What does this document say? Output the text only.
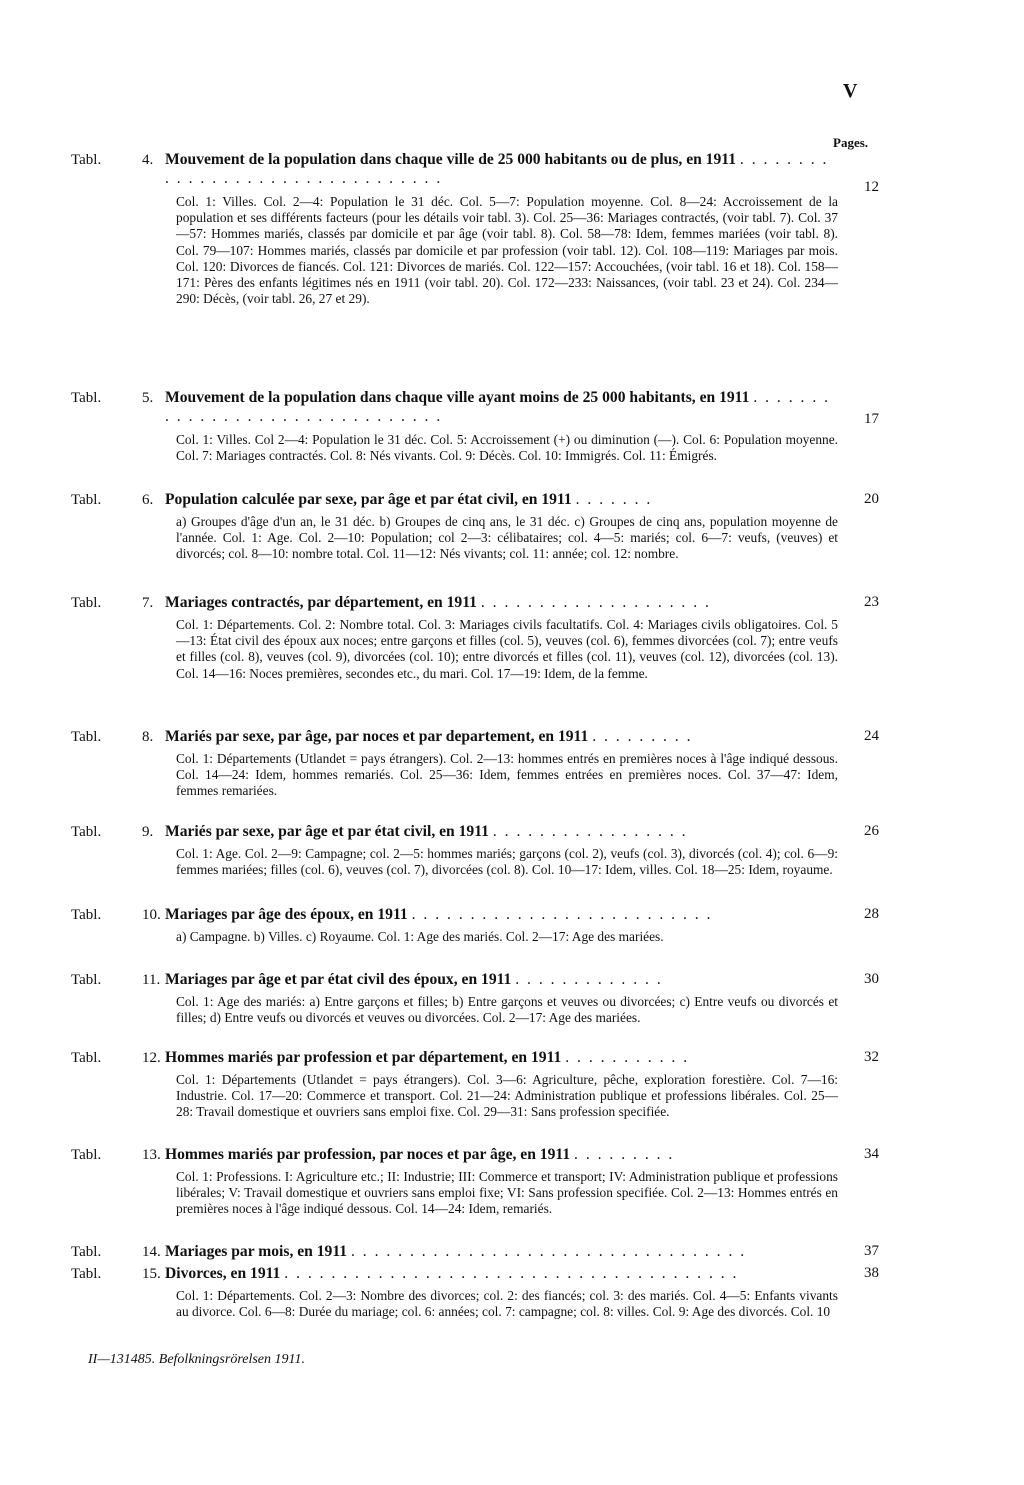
V
Pages.
Tabl.	4. Mouvement de la population dans chaque ville de 25 000 habitants ou de plus, en 1911 . . . . . . . . . . . . . . . . . . . . . . . . . . . . . . . .	12
Col. 1: Villes. Col. 2—4: Population le 31 déc. Col. 5—7: Population moyenne. Col. 8—24: Accroissement de la population et ses différents facteurs (pour les détails voir tabl. 3). Col. 25—36: Mariages contractés, (voir tabl. 7). Col. 37—57: Hommes mariés, classés par domicile et par âge (voir tabl. 8). Col. 58—78: Idem, femmes mariées (voir tabl. 8). Col. 79—107: Hommes mariés, classés par domicile et par profession (voir tabl. 12). Col. 108—119: Mariages par mois. Col. 120: Divorces de fiancés. Col. 121: Divorces de mariés. Col. 122—157: Accouchées, (voir tabl. 16 et 18). Col. 158—171: Pères des enfants légitimes nés en 1911 (voir tabl. 20). Col. 172—233: Naissances, (voir tabl. 23 et 24). Col. 234—290: Décès, (voir tabl. 26, 27 et 29).
Tabl.	5. Mouvement de la population dans chaque ville ayant moins de 25 000 habitants, en 1911 . . . . . . . . . . . . . . . . . . . . . . . . . . . . . . .	17
Col. 1: Villes. Col 2—4: Population le 31 déc. Col. 5: Accroissement (+) ou diminution (—). Col. 6: Population moyenne. Col. 7: Mariages contractés. Col. 8: Nés vivants. Col. 9: Décès. Col. 10: Immigrés. Col. 11: Émigrés.
Tabl.	6. Population calculée par sexe, par âge et par état civil, en 1911 . . . . . . .	20
a) Groupes d'âge d'un an, le 31 déc. b) Groupes de cinq ans, le 31 déc. c) Groupes de cinq ans, population moyenne de l'année. Col. 1: Age. Col. 2—10: Population; col 2—3: célibataires; col. 4—5: mariés; col. 6—7: veufs, (veuves) et divorcés; col. 8—10: nombre total. Col. 11—12: Nés vivants; col. 11: année; col. 12: nombre.
Tabl.	7. Mariages contractés, par département, en 1911 . . . . . . . . . . . . . . . . . . . .	23
Col. 1: Départements. Col. 2: Nombre total. Col. 3: Mariages civils facultatifs. Col. 4: Mariages civils obligatoires. Col. 5—13: État civil des époux aux noces; entre garçons et filles (col. 5), veuves (col. 6), femmes divorcées (col. 7); entre veufs et filles (col. 8), veuves (col. 9), divorcées (col. 10); entre divorcés et filles (col. 11), veuves (col. 12), divorcées (col. 13). Col. 14—16: Noces premières, secondes etc., du mari. Col. 17—19: Idem, de la femme.
Tabl.	8. Mariés par sexe, par âge, par noces et par departement, en 1911 . . . . . . . . .	24
Col. 1: Départements (Utlandet = pays étrangers). Col. 2—13: hommes entrés en premières noces à l'âge indiqué dessous. Col. 14—24: Idem, hommes remariés. Col. 25—36: Idem, femmes entrées en premières noces. Col. 37—47: Idem, femmes remariées.
Tabl.	9. Mariés par sexe, par âge et par état civil, en 1911 . . . . . . . . . . . . . . . . .	26
Col. 1: Age. Col. 2—9: Campagne; col. 2—5: hommes mariés; garçons (col. 2), veufs (col. 3), divorcés (col. 4); col. 6—9: femmes mariées; filles (col. 6), veuves (col. 7), divorcées (col. 8). Col. 10—17: Idem, villes. Col. 18—25: Idem, royaume.
Tabl.	10. Mariages par âge des époux, en 1911 . . . . . . . . . . . . . . . . . . . . . . . . . .	28
a) Campagne. b) Villes. c) Royaume. Col. 1: Age des mariés. Col. 2—17: Age des mariées.
Tabl.	11. Mariages par âge et par état civil des époux, en 1911 . . . . . . . . . . . . .	30
Col. 1: Age des mariés: a) Entre garçons et filles; b) Entre garçons et veuves ou divorcées; c) Entre veufs ou divorcés et filles; d) Entre veufs ou divorcés et veuves ou divorcées. Col. 2—17: Age des mariées.
Tabl.	12. Hommes mariés par profession et par département, en 1911 . . . . . . . . . . .	32
Col. 1: Départements (Utlandet = pays étrangers). Col. 3—6: Agriculture, pêche, exploration forestière. Col. 7—16: Industrie. Col. 17—20: Commerce et transport. Col. 21—24: Administration publique et professions libérales. Col. 25—28: Travail domestique et ouvriers sans emploi fixe. Col. 29—31: Sans profession specifiée.
Tabl.	13. Hommes mariés par profession, par noces et par âge, en 1911 . . . . . . . . .	34
Col. 1: Professions. I: Agriculture etc.; II: Industrie; III: Commerce et transport; IV: Administration publique et professions libérales; V: Travail domestique et ouvriers sans emploi fixe; VI: Sans profession specifiée. Col. 2—13: Hommes entrés en premières noces à l'âge indiqué dessous. Col. 14—24: Idem, remariés.
Tabl.	14. Mariages par mois, en 1911 . . . . . . . . . . . . . . . . . . . . . . . . . . . . . . . . . .	37
Tabl.	15. Divorces, en 1911 . . . . . . . . . . . . . . . . . . . . . . . . . . . . . . . . . . . . . . .	38
Col. 1: Départements. Col. 2—3: Nombre des divorces; col. 2: des fiancés; col. 3: des mariés. Col. 4—5: Enfants vivants au divorce. Col. 6—8: Durée du mariage; col. 6: années; col. 7: campagne; col. 8: villes. Col. 9: Age des divorcés. Col. 10
II—131485. Befolkningsrörelsen 1911.
